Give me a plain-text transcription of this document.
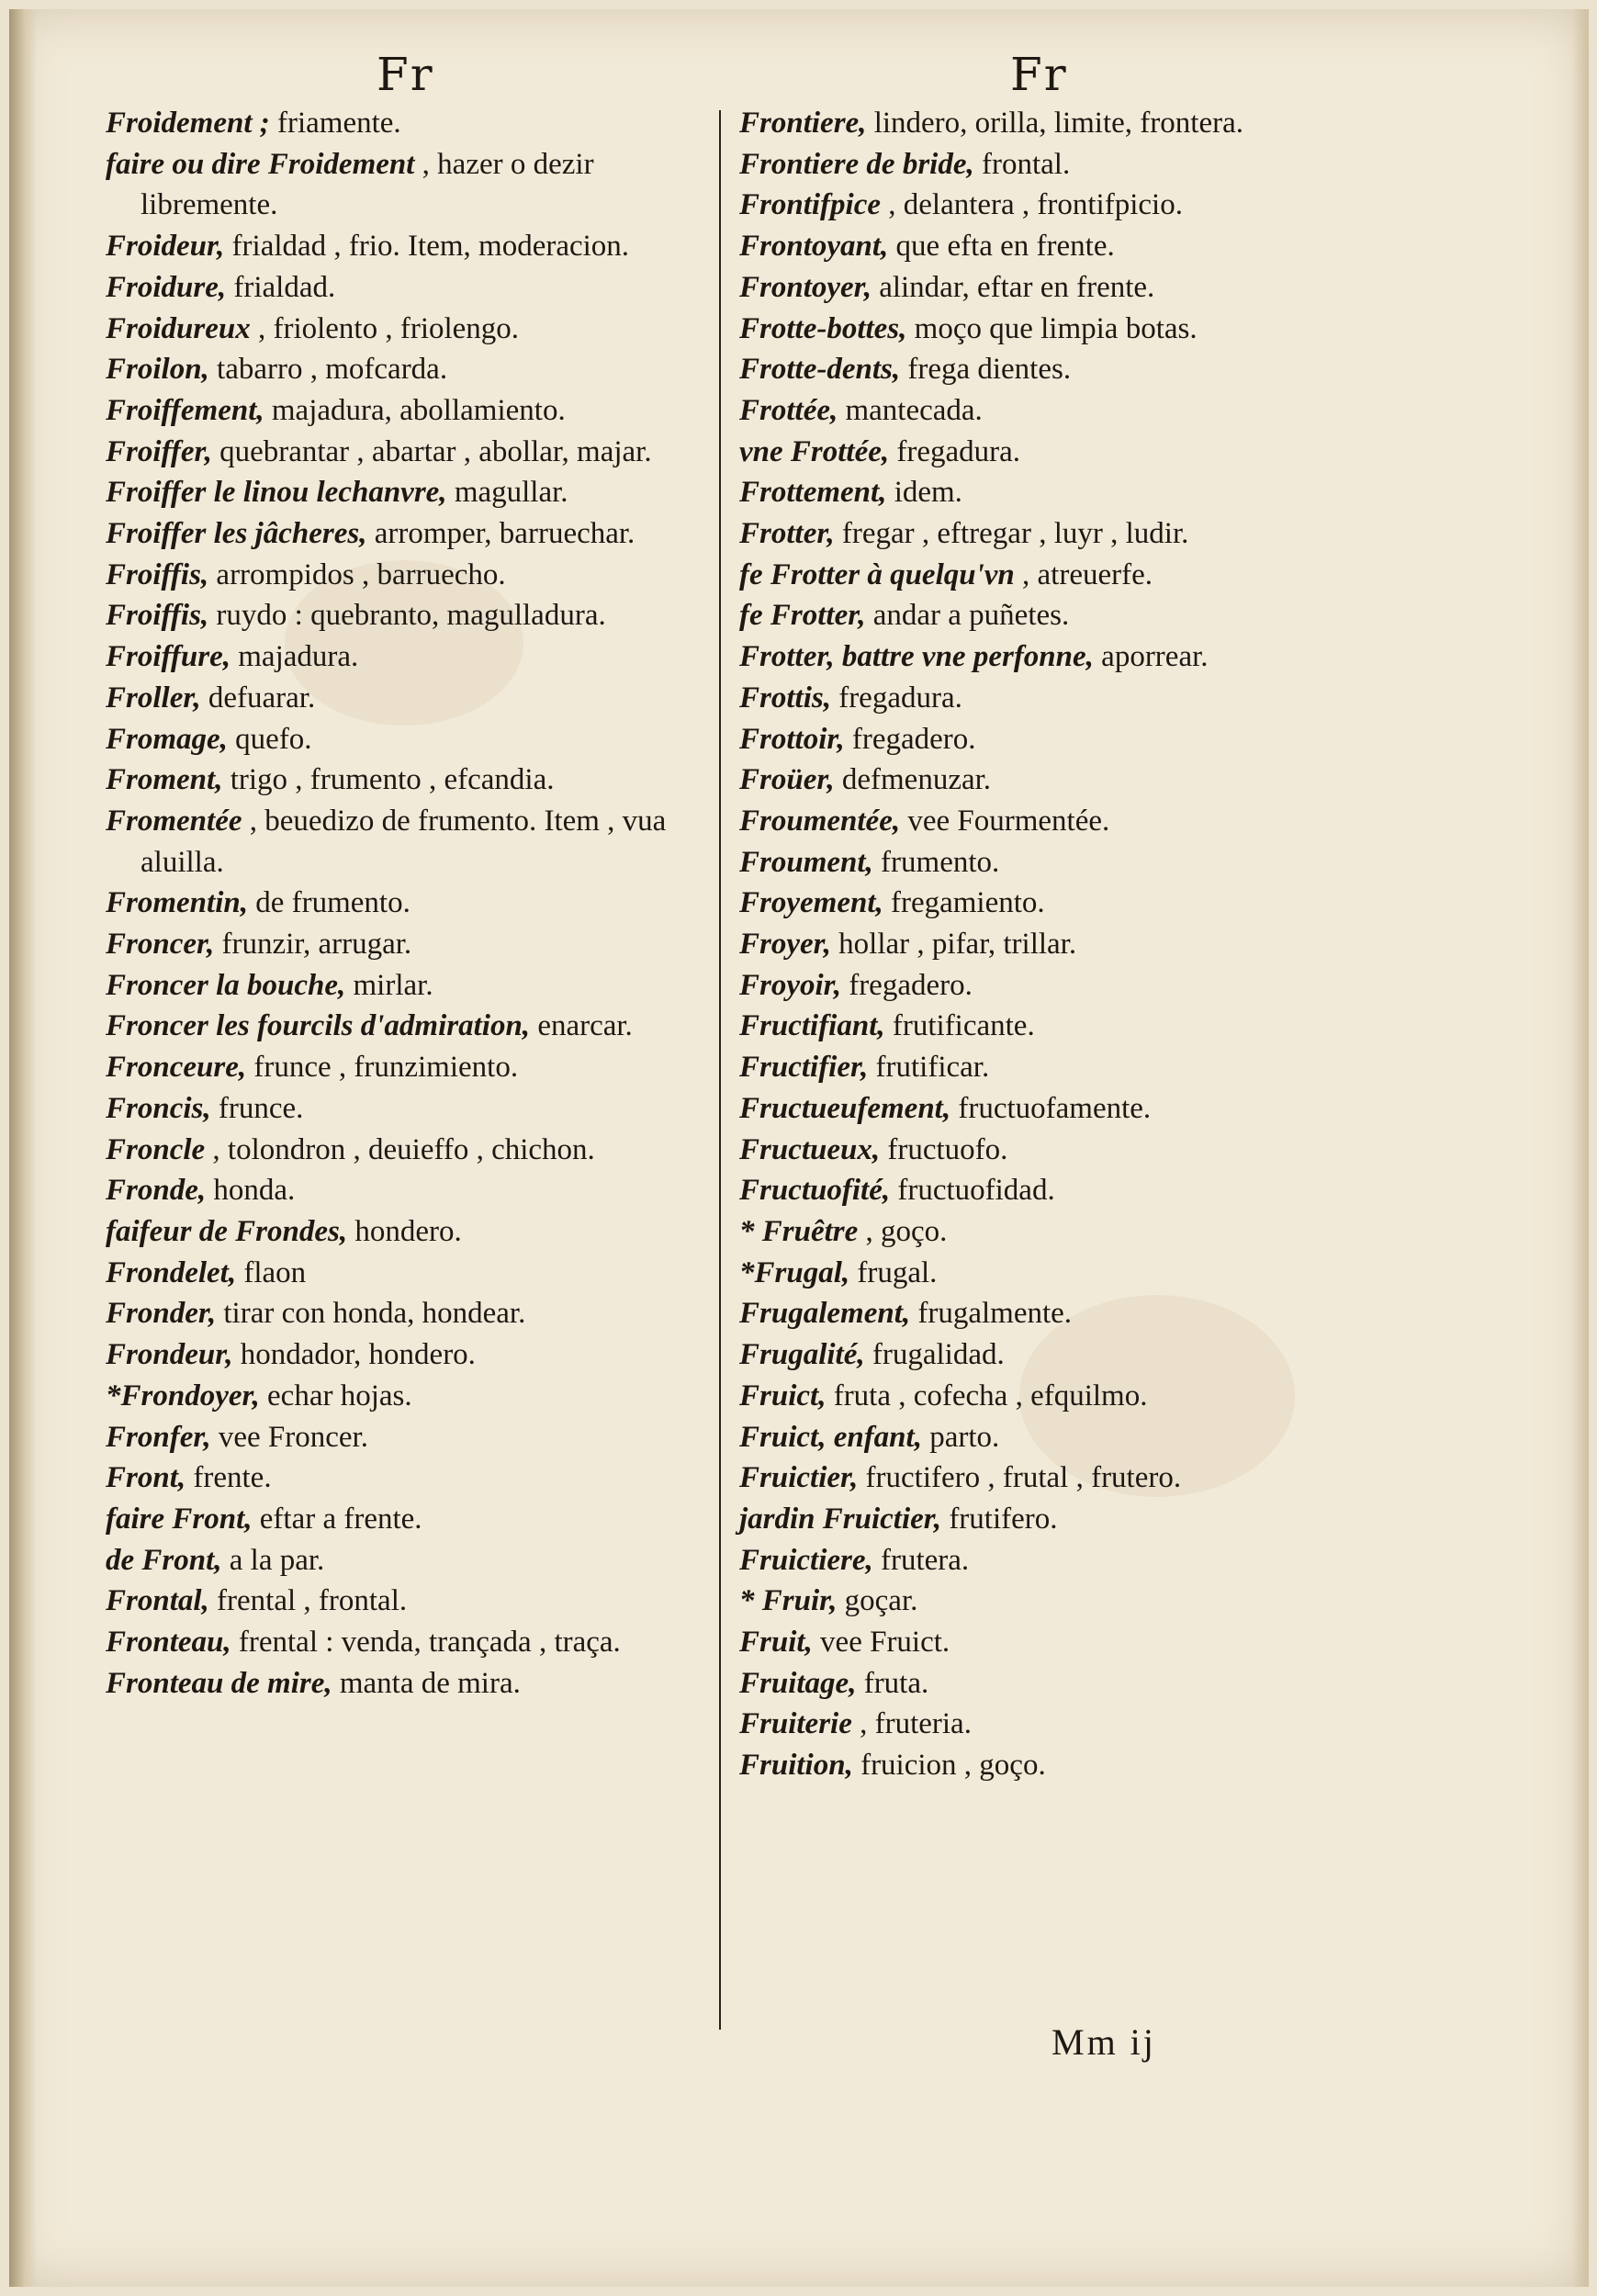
Fr	Fr
Froidement ; friamente.
faire ou dire Froidement , hazer o dezir libremente.
Froideur, frialdad , frio. Item, moderacion.
Froidure, frialdad.
Froidureux , friolento , friolengo.
Froilon, tabarro , mofcarda.
Froiffement, majadura, abollamiento.
Froiffer, quebrantar , abartar , abollar, majar.
Froiffer le linou lechanvre, magullar.
Froiffer les jâcheres, arromper, barruechar.
Froiffis, arrompidos , barruecho.
Froiffis, ruydo : quebranto, magulladura.
Froiffure, majadura.
Froller, defuarar.
Fromage, quefo.
Froment, trigo , frumento , efcandia.
Fromentée , beuedizo de frumento. Item , vua aluilla.
Fromentin, de frumento.
Froncer, frunzir, arrugar.
Froncer la bouche, mirlar.
Froncer les fourcils d'admiration, enarcar.
Fronceure, frunce , frunzimiento.
Froncis, frunce.
Froncle , tolondron , deuieffo , chichon.
Fronde, honda.
faifeur de Frondes, hondero.
Frondelet, flaon
Fronder, tirar con honda, hondear.
Frondeur, hondador, hondero.
*Frondoyer, echar hojas.
Fronfer, vee Froncer.
Front, frente.
faire Front, eftar a frente.
de Front, a la par.
Frontal, frental , frontal.
Fronteau, frental : venda, trançada , traça.
Fronteau de mire, manta de mira.
Frontiere, lindero, orilla, limite, frontera.
Frontiere de bride, frontal.
Frontifpice , delantera , frontifpicio.
Frontoyant, que efta en frente.
Frontoyer, alindar, eftar en frente.
Frotte-bottes, moço que limpia botas.
Frotte-dents, frega dientes.
Frottée, mantecada.
vne Frottée, fregadura.
Frottement, idem.
Frotter, fregar , eftregar , luyr , ludir.
fe Frotter à quelqu'vn , atreuerfe.
fe Frotter, andar a puñetes.
Frotter, battre vne perfonne, aporrear.
Frottis, fregadura.
Frottoir, fregadero.
Froüer, defmenuzar.
Froumentée, vee Fourmentée.
Froument, frumento.
Froyement, fregamiento.
Froyer, hollar , pifar, trillar.
Froyoir, fregadero.
Fructifiant, frutificante.
Fructifier, frutificar.
Fructueufement, fructuofamente.
Fructueux, fructuofo.
Fructuofité, fructuofidad.
* Fruêtre , goço.
*Frugal, frugal.
Frugalement, frugalmente.
Frugalité, frugalidad.
Fruict, fruta , cofecha , efquilmo.
Fruict, enfant, parto.
Fruictier, fructifero , frutal , frutero.
jardin Fruictier, frutifero.
Fruictiere, frutera.
* Fruir, goçar.
Fruit, vee Fruict.
Fruitage, fruta.
Fruiterie , fruteria.
Fruition, fruicion , goço.
Mm ij
